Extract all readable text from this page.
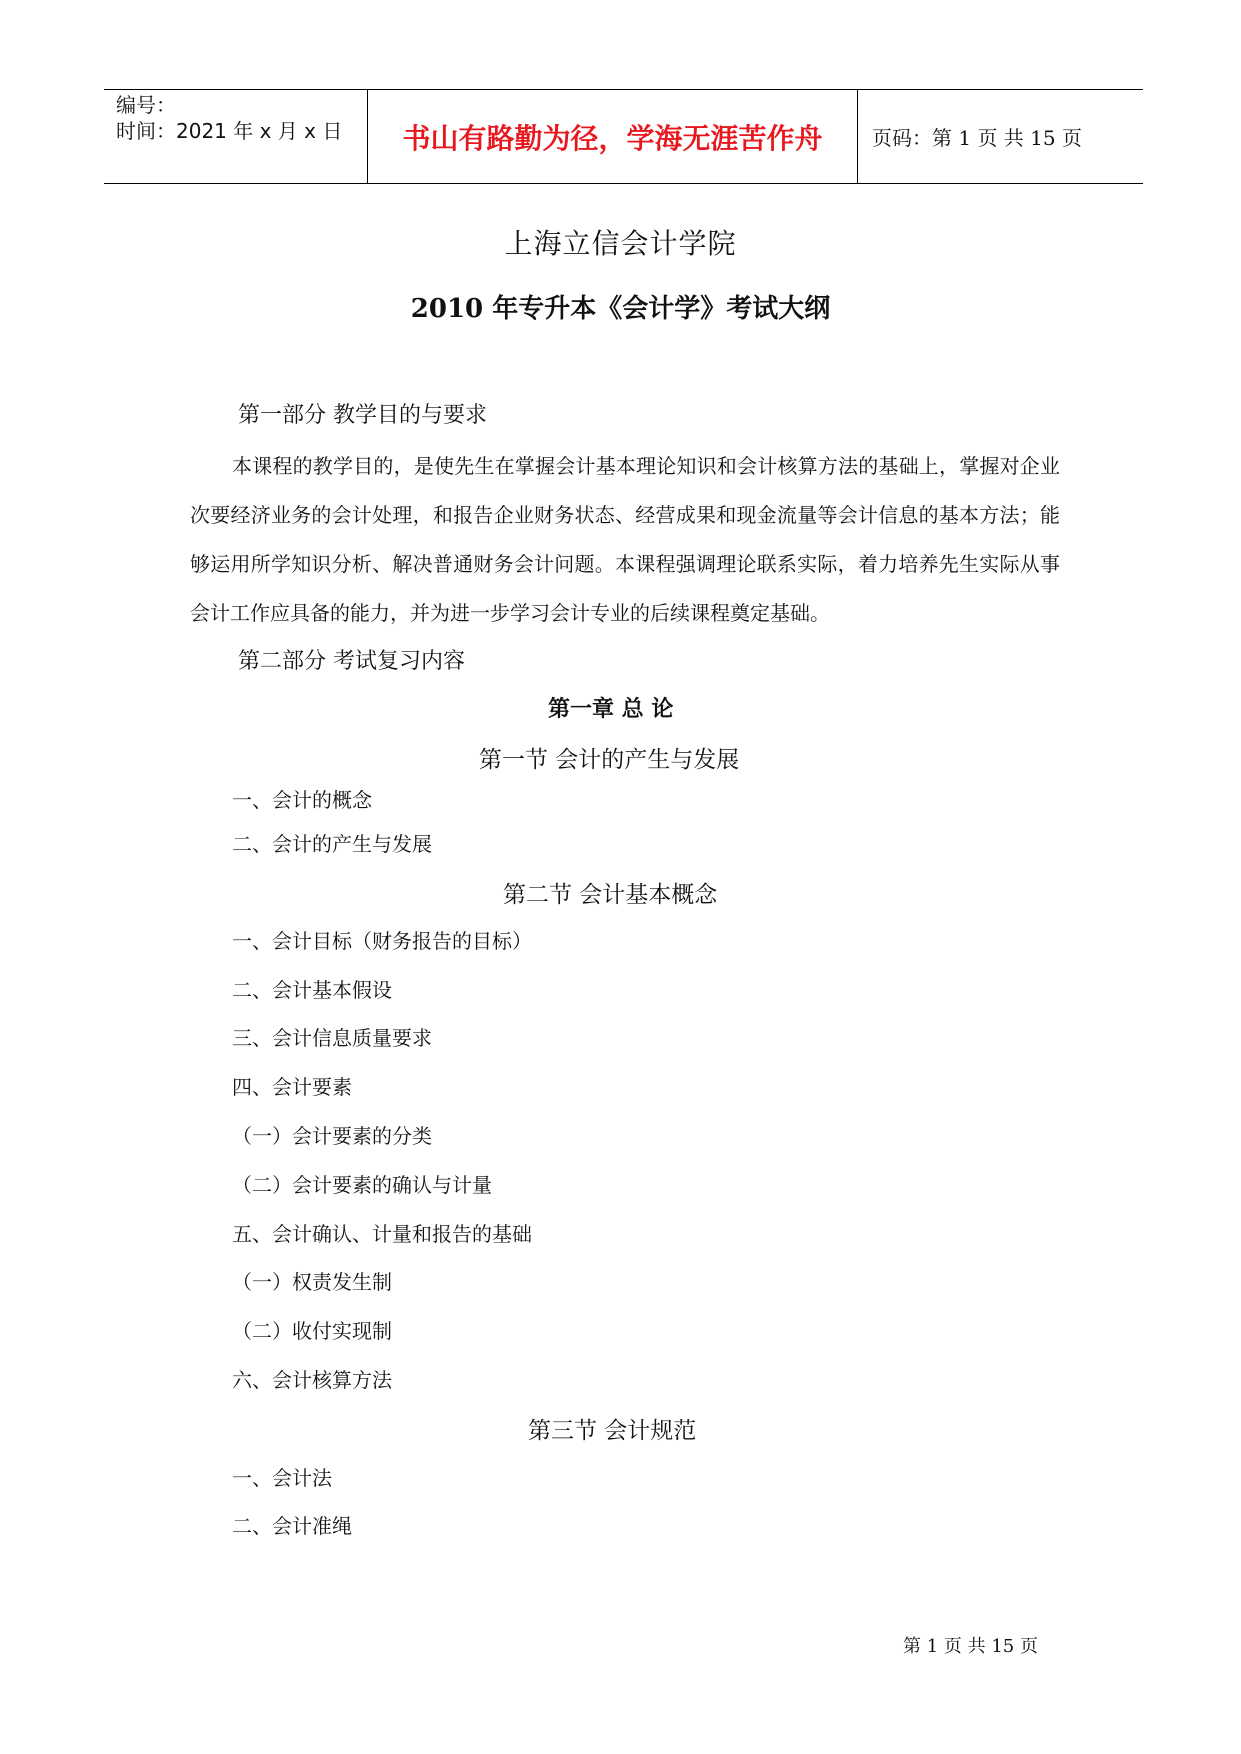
编号：
时间：2021 年 x 月 x 日	书山有路勤为径，学海无涯苦作舟	页码：第 1 页 共 15 页
上海立信会计学院
2010 年专升本《会计学》考试大纲
第一部分 教学目的与要求
本课程的教学目的，是使先生在掌握会计基本理论知识和会计核算方法的基础上，掌握对企业次要经济业务的会计处理，和报告企业财务状态、经营成果和现金流量等会计信息的基本方法；能够运用所学知识分析、解决普通财务会计问题。本课程强调理论联系实际，着力培养先生实际从事会计工作应具备的能力，并为进一步学习会计专业的后续课程奠定基础。
第二部分 考试复习内容
第一章 总 论
第一节 会计的产生与发展
一、会计的概念
二、会计的产生与发展
第二节 会计基本概念
一、会计目标（财务报告的目标）
二、会计基本假设
三、会计信息质量要求
四、会计要素
（一）会计要素的分类
（二）会计要素的确认与计量
五、会计确认、计量和报告的基础
（一）权责发生制
（二）收付实现制
六、会计核算方法
第三节 会计规范
一、会计法
二、会计准绳
第 1 页 共 15 页
